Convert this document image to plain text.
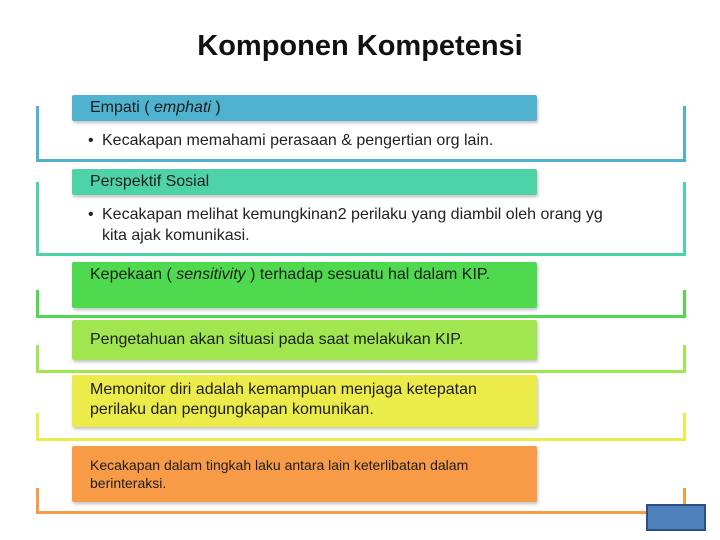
Komponen Kompetensi
Empati ( emphati )
• Kecakapan memahami perasaan & pengertian org lain.
Perspektif Sosial
• Kecakapan melihat kemungkinan2 perilaku yang diambil oleh orang yg kita ajak komunikasi.
Kepekaan ( sensitivity ) terhadap sesuatu hal dalam KIP.
Pengetahuan akan situasi pada saat melakukan KIP.
Memonitor diri adalah kemampuan menjaga ketepatan perilaku dan pengungkapan komunikan.
Kecakapan dalam tingkah laku antara lain keterlibatan dalam berinteraksi.
